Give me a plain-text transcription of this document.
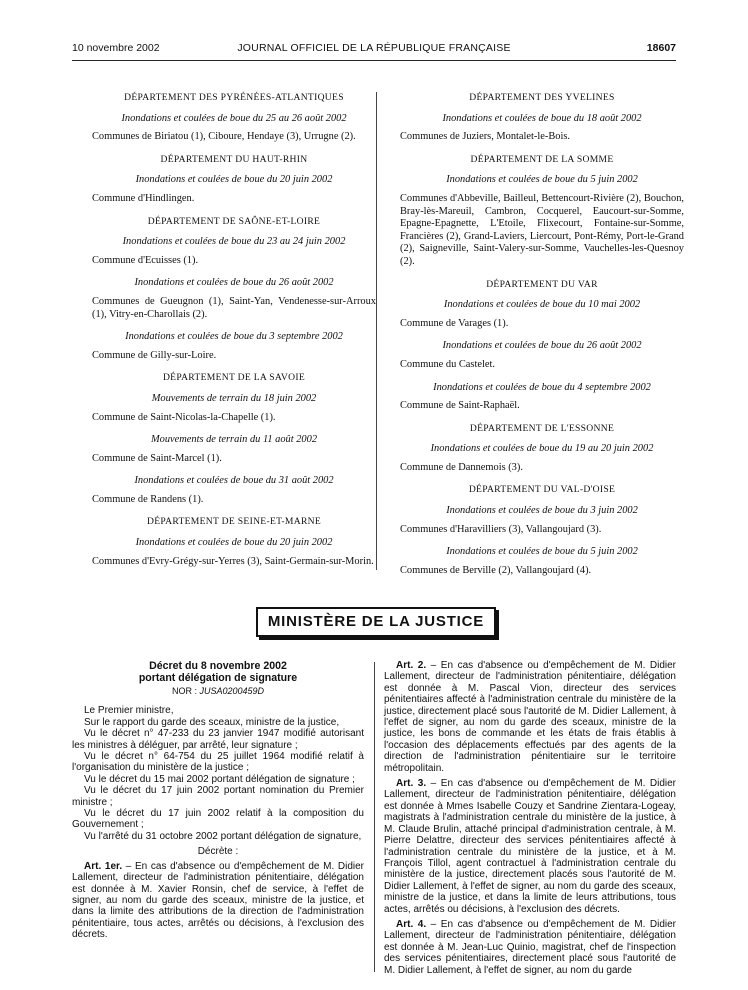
10 novembre 2002	JOURNAL OFFICIEL DE LA RÉPUBLIQUE FRANÇAISE	18607

DÉPARTEMENT DES PYRÉNÉES-ATLANTIQUES

Inondations et coulées de boue du 25 au 26 août 2002

Communes de Biriatou (1), Ciboure, Hendaye (3), Urrugne (2).

DÉPARTEMENT DU HAUT-RHIN

Inondations et coulées de boue du 20 juin 2002

Commune d'Hindlingen.

DÉPARTEMENT DE SAÔNE-ET-LOIRE

Inondations et coulées de boue du 23 au 24 juin 2002

Commune d'Ecuisses (1).

Inondations et coulées de boue du 26 août 2002

Communes de Gueugnon (1), Saint-Yan, Vendenesse-sur-Arroux (1), Vitry-en-Charollais (2).

Inondations et coulées de boue du 3 septembre 2002

Commune de Gilly-sur-Loire.

DÉPARTEMENT DE LA SAVOIE

Mouvements de terrain du 18 juin 2002

Commune de Saint-Nicolas-la-Chapelle (1).

Mouvements de terrain du 11 août 2002

Commune de Saint-Marcel (1).

Inondations et coulées de boue du 31 août 2002

Commune de Randens (1).

DÉPARTEMENT DE SEINE-ET-MARNE

Inondations et coulées de boue du 20 juin 2002

Communes d'Evry-Grégy-sur-Yerres (3), Saint-Germain-sur-Morin.

DÉPARTEMENT DES YVELINES

Inondations et coulées de boue du 18 août 2002

Communes de Juziers, Montalet-le-Bois.

DÉPARTEMENT DE LA SOMME

Inondations et coulées de boue du 5 juin 2002

Communes d'Abbeville, Bailleul, Bettencourt-Rivière (2), Bouchon, Bray-lès-Mareuil, Cambron, Cocquerel, Eaucourt-sur-Somme, Epagne-Epagnette, L'Etoile, Flixecourt, Fontaine-sur-Somme, Francières (2), Grand-Laviers, Liercourt, Pont-Rémy, Port-le-Grand (2), Saigneville, Saint-Valery-sur-Somme, Vauchelles-les-Quesnoy (2).

DÉPARTEMENT DU VAR

Inondations et coulées de boue du 10 mai 2002

Commune de Varages (1).

Inondations et coulées de boue du 26 août 2002

Commune du Castelet.

Inondations et coulées de boue du 4 septembre 2002

Commune de Saint-Raphaël.

DÉPARTEMENT DE L'ESSONNE

Inondations et coulées de boue du 19 au 20 juin 2002

Commune de Dannemois (3).

DÉPARTEMENT DU VAL-D'OISE

Inondations et coulées de boue du 3 juin 2002

Communes d'Haravilliers (3), Vallangoujard (3).

Inondations et coulées de boue du 5 juin 2002

Communes de Berville (2), Vallangoujard (4).

MINISTÈRE DE LA JUSTICE

Décret du 8 novembre 2002

portant délégation de signature

NOR : JUSA0200459D

Le Premier ministre,

Sur le rapport du garde des sceaux, ministre de la justice,

Vu le décret n° 47-233 du 23 janvier 1947 modifié autorisant les ministres à déléguer, par arrêté, leur signature ;

Vu le décret n° 64-754 du 25 juillet 1964 modifié relatif à l'organisation du ministère de la justice ;

Vu le décret du 15 mai 2002 portant délégation de signature ;

Vu le décret du 17 juin 2002 portant nomination du Premier ministre ;

Vu le décret du 17 juin 2002 relatif à la composition du Gouvernement ;

Vu l'arrêté du 31 octobre 2002 portant délégation de signature,

Décrète :

Art. 1er. – En cas d'absence ou d'empêchement de M. Didier Lallement, directeur de l'administration pénitentiaire, délégation est donnée à M. Xavier Ronsin, chef de service, à l'effet de signer, au nom du garde des sceaux, ministre de la justice, et dans la limite des attributions de la direction de l'administration pénitentiaire, tous actes, arrêtés ou décisions, à l'exclusion des décrets.

Art. 2. – En cas d'absence ou d'empêchement de M. Didier Lallement, directeur de l'administration pénitentiaire, délégation est donnée à M. Pascal Vion, directeur des services pénitentiaires affecté à l'administration centrale du ministère de la justice, directement placé sous l'autorité de M. Didier Lallement, à l'effet de signer, au nom du garde des sceaux, ministre de la justice, les bons de commande et les états de frais établis à l'occasion des déplacements effectués par des agents de la direction de l'administration pénitentiaire sur le territoire métropolitain.

Art. 3. – En cas d'absence ou d'empêchement de M. Didier Lallement, directeur de l'administration pénitentiaire, délégation est donnée à Mmes Isabelle Couzy et Sandrine Zientara-Logeay, magistrats à l'administration centrale du ministère de la justice, à M. Claude Brulin, attaché principal d'administration centrale, à M. Pierre Delattre, directeur des services pénitentiaires affecté à l'administration centrale du ministère de la justice, et à M. François Tillol, agent contractuel à l'administration centrale du ministère de la justice, directement placés sous l'autorité de M. Didier Lallement, à l'effet de signer, au nom du garde des sceaux, ministre de la justice, et dans la limite de leurs attributions, tous actes, arrêtés ou décisions, à l'exclusion des décrets.

Art. 4. – En cas d'absence ou d'empêchement de M. Didier Lallement, directeur de l'administration pénitentiaire, délégation est donnée à M. Jean-Luc Quinio, magistrat, chef de l'inspection des services pénitentiaires, directement placé sous l'autorité de M. Didier Lallement, à l'effet de signer, au nom du garde
